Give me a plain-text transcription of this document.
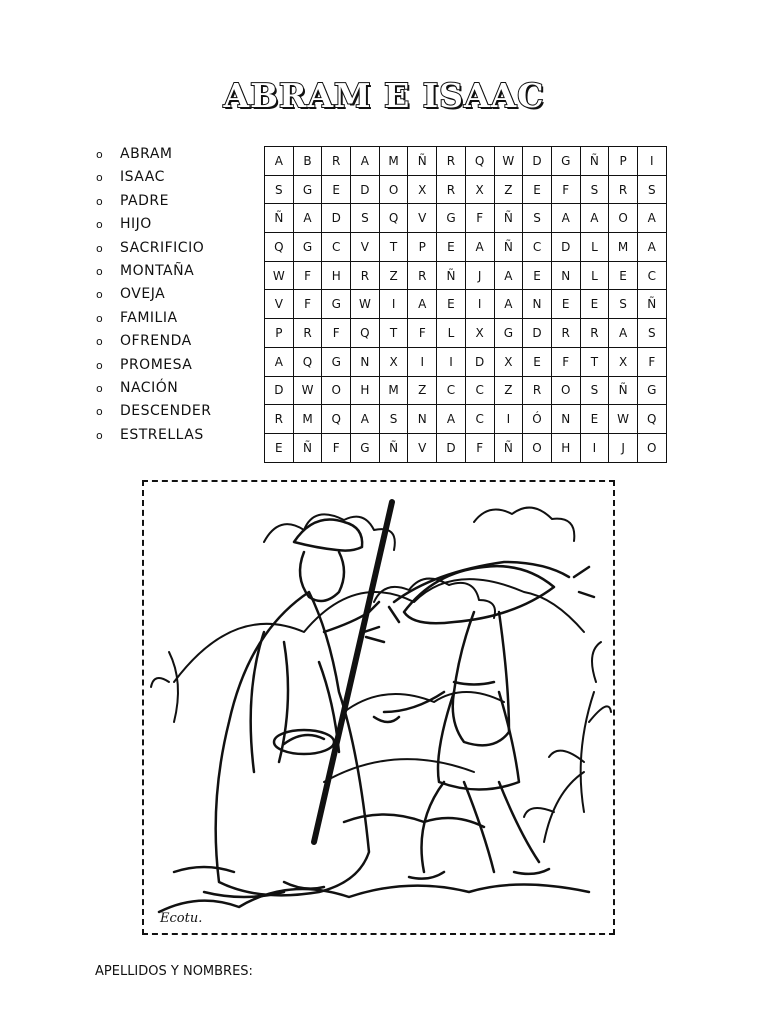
ABRAM E ISAAC
o ABRAM
o ISAAC
o PADRE
o HIJO
o SACRIFICIO
o MONTAÑA
o OVEJA
o FAMILIA
o OFRENDA
o PROMESA
o NACIÓN
o DESCENDER
o ESTRELLAS
A	B	R	A	M	Ñ	R	Q	W	D	G	Ñ	P	I
S	G	E	D	O	X	R	X	Z	E	F	S	R	S
Ñ	A	D	S	Q	V	G	F	Ñ	S	A	A	O	A
Q	G	C	V	T	P	E	A	Ñ	C	D	L	M	A
W	F	H	R	Z	R	Ñ	J	A	E	N	L	E	C
V	F	G	W	I	A	E	I	A	N	E	E	S	Ñ
P	R	F	Q	T	F	L	X	G	D	R	R	A	S
A	Q	G	N	X	I	I	D	X	E	F	T	X	F
D	W	O	H	M	Z	C	C	Z	R	O	S	Ñ	G
R	M	Q	A	S	N	A	C	I	Ó	N	E	W	Q
E	Ñ	F	G	Ñ	V	D	F	Ñ	O	H	I	J	O
Ecotu.
APELLIDOS Y NOMBRES:
